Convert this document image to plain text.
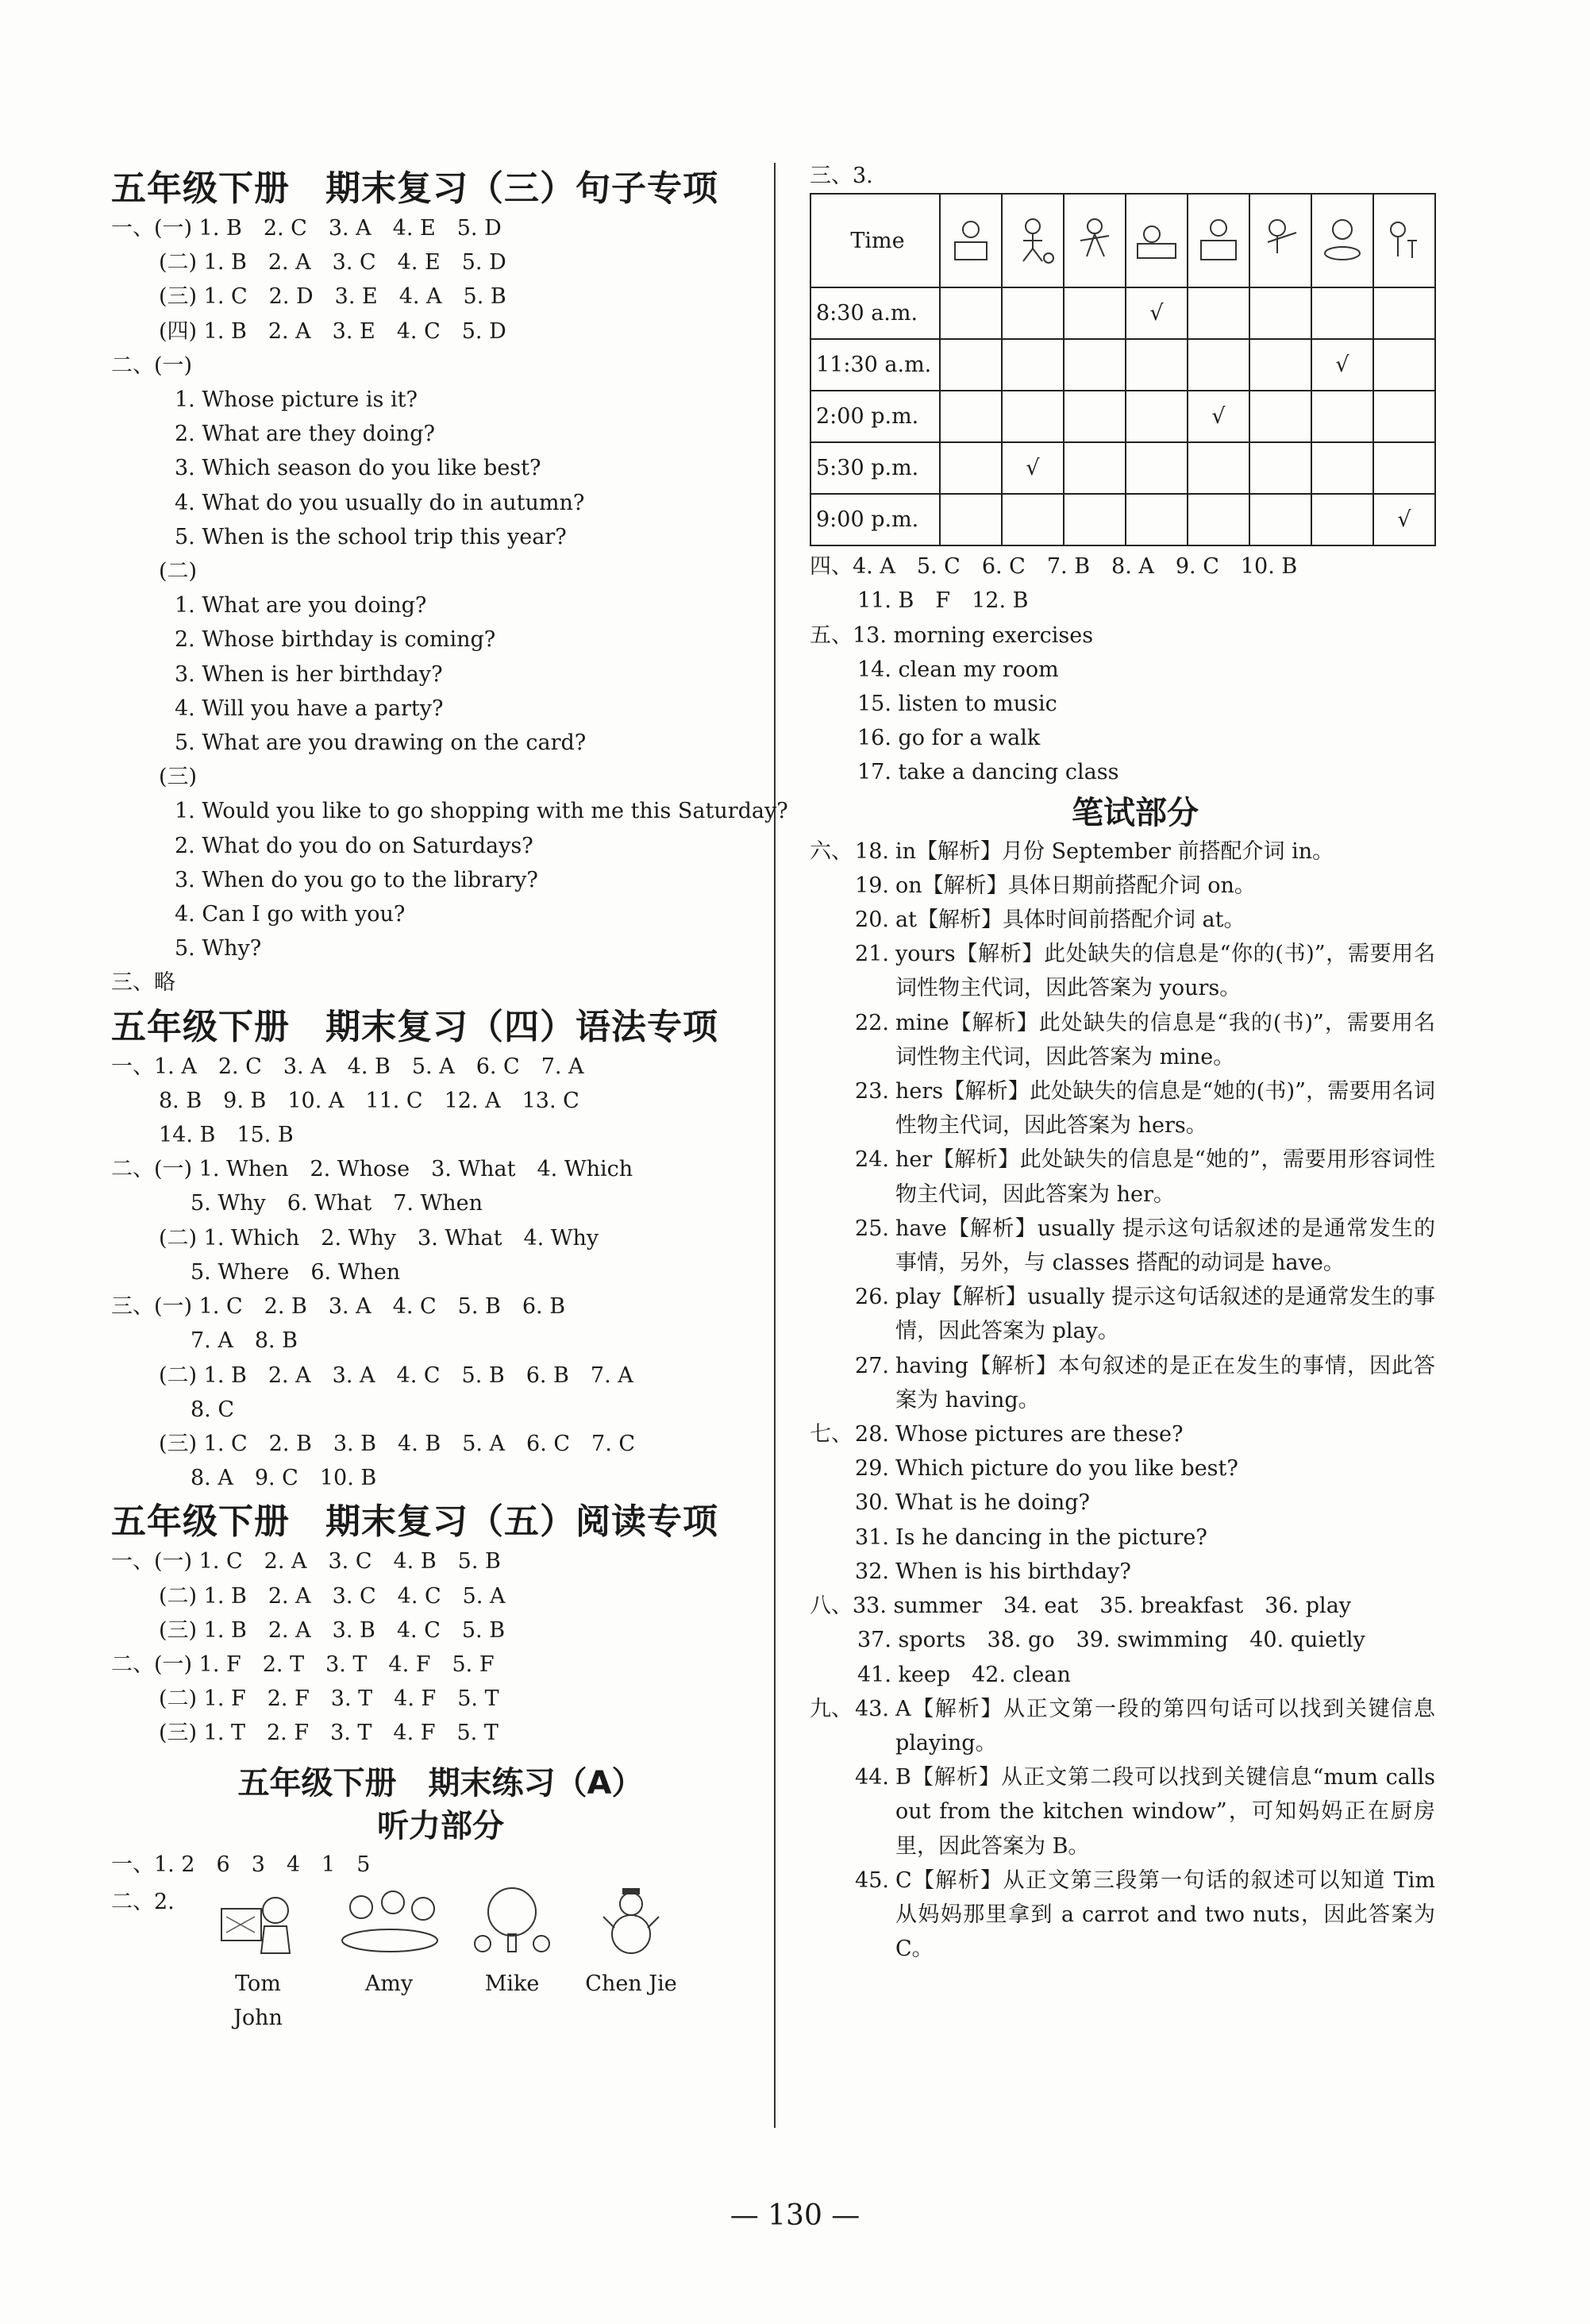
五年级下册　期末复习（三）句子专项
一、(一) 1. B　2. C　3. A　4. E　5. D
(二) 1. B　2. A　3. C　4. E　5. D
(三) 1. C　2. D　3. E　4. A　5. B
(四) 1. B　2. A　3. E　4. C　5. D
二、(一)
1. Whose picture is it?
2. What are they doing?
3. Which season do you like best?
4. What do you usually do in autumn?
5. When is the school trip this year?
(二)
1. What are you doing?
2. Whose birthday is coming?
3. When is her birthday?
4. Will you have a party?
5. What are you drawing on the card?
(三)
1. Would you like to go shopping with me this Saturday?
2. What do you do on Saturdays?
3. When do you go to the library?
4. Can I go with you?
5. Why?
三、略
五年级下册　期末复习（四）语法专项
一、1. A　2. C　3. A　4. B　5. A　6. C　7. A
8. B　9. B　10. A　11. C　12. A　13. C
14. B　15. B
二、(一) 1. When　2. Whose　3. What　4. Which
5. Why　6. What　7. When
(二) 1. Which　2. Why　3. What　4. Why
5. Where　6. When
三、(一) 1. C　2. B　3. A　4. C　5. B　6. B
7. A　8. B
(二) 1. B　2. A　3. A　4. C　5. B　6. B　7. A
8. C
(三) 1. C　2. B　3. B　4. B　5. A　6. C　7. C
8. A　9. C　10. B
五年级下册　期末复习（五）阅读专项
一、(一) 1. C　2. A　3. C　4. B　5. B
(二) 1. B　2. A　3. C　4. C　5. A
(三) 1. B　2. A　3. B　4. C　5. B
二、(一) 1. F　2. T　3. T　4. F　5. F
(二) 1. F　2. F　3. T　4. F　5. T
(三) 1. T　2. F　3. T　4. F　5. T
五年级下册　期末练习（A）
听力部分
一、1. 2　6　3　4　1　5
二、2.
Tom
John
Amy	Mike	Chen Jie
三、3.
Time	

8:30 a.m.				√				
11:30 a.m.							√	
2:00 p.m.					√			
5:30 p.m.		√						
9:00 p.m.								√
四、4. A　5. C　6. C　7. B　8. A　9. C　10. B
11. B　F　12. B
五、13. morning exercises
14. clean my room
15. listen to music
16. go for a walk
17. take a dancing class
笔试部分
六、 18. in【解析】月份 September 前搭配介词 in。
19. on【解析】具体日期前搭配介词 on。
20. at【解析】具体时间前搭配介词 at。
21. yours【解析】此处缺失的信息是“你的(书)”，需要用名词性物主代词，因此答案为 yours。
22. mine【解析】此处缺失的信息是“我的(书)”，需要用名词性物主代词，因此答案为 mine。
23. hers【解析】此处缺失的信息是“她的(书)”，需要用名词性物主代词，因此答案为 hers。
24. her【解析】此处缺失的信息是“她的”，需要用形容词性物主代词，因此答案为 her。
25. have【解析】usually 提示这句话叙述的是通常发生的事情，另外，与 classes 搭配的动词是 have。
26. play【解析】usually 提示这句话叙述的是通常发生的事情，因此答案为 play。
27. having【解析】本句叙述的是正在发生的事情，因此答案为 having。
七、 28. Whose pictures are these?
29. Which picture do you like best?
30. What is he doing?
31. Is he dancing in the picture?
32. When is his birthday?
八、33. summer　34. eat　35. breakfast　36. play
37. sports　38. go　39. swimming　40. quietly
41. keep　42. clean
九、 43. A【解析】从正文第一段的第四句话可以找到关键信息 playing。
44. B【解析】从正文第二段可以找到关键信息“mum calls out from the kitchen window”，可知妈妈正在厨房里，因此答案为 B。
45. C【解析】从正文第三段第一句话的叙述可以知道 Tim 从妈妈那里拿到 a carrot and two nuts，因此答案为 C。
— 130 —
